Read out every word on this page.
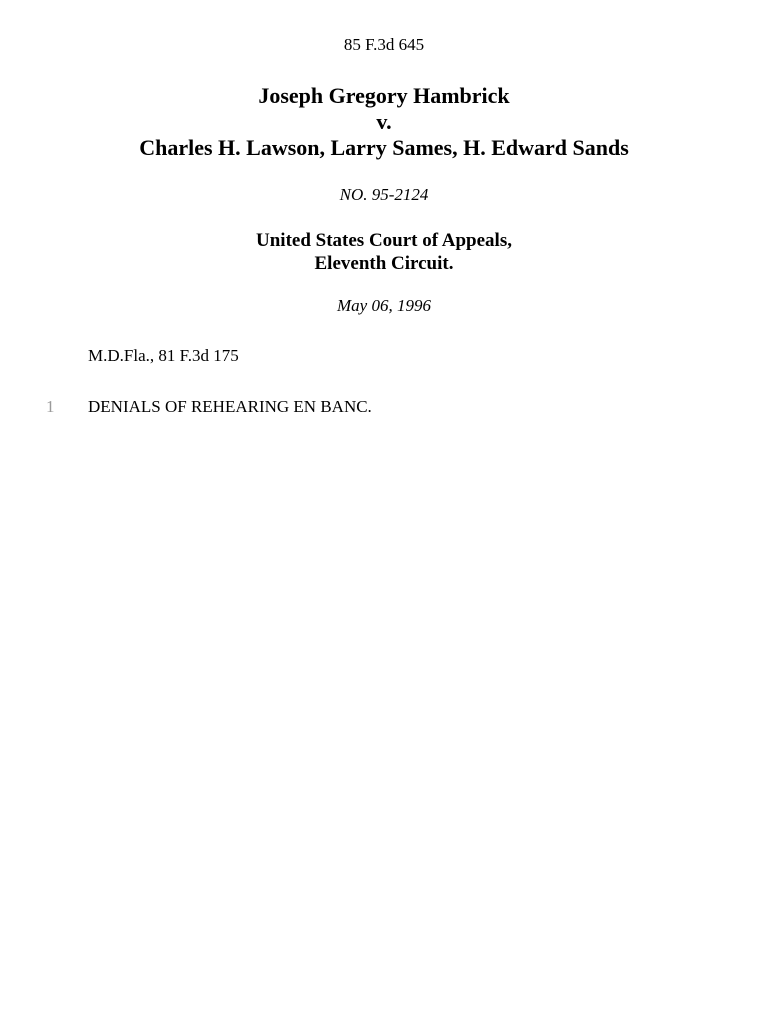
85 F.3d 645
Joseph Gregory Hambrick
v.
Charles H. Lawson, Larry Sames, H. Edward Sands
NO. 95-2124
United States Court of Appeals,
Eleventh Circuit.
May 06, 1996
M.D.Fla., 81 F.3d 175
1 DENIALS OF REHEARING EN BANC.
